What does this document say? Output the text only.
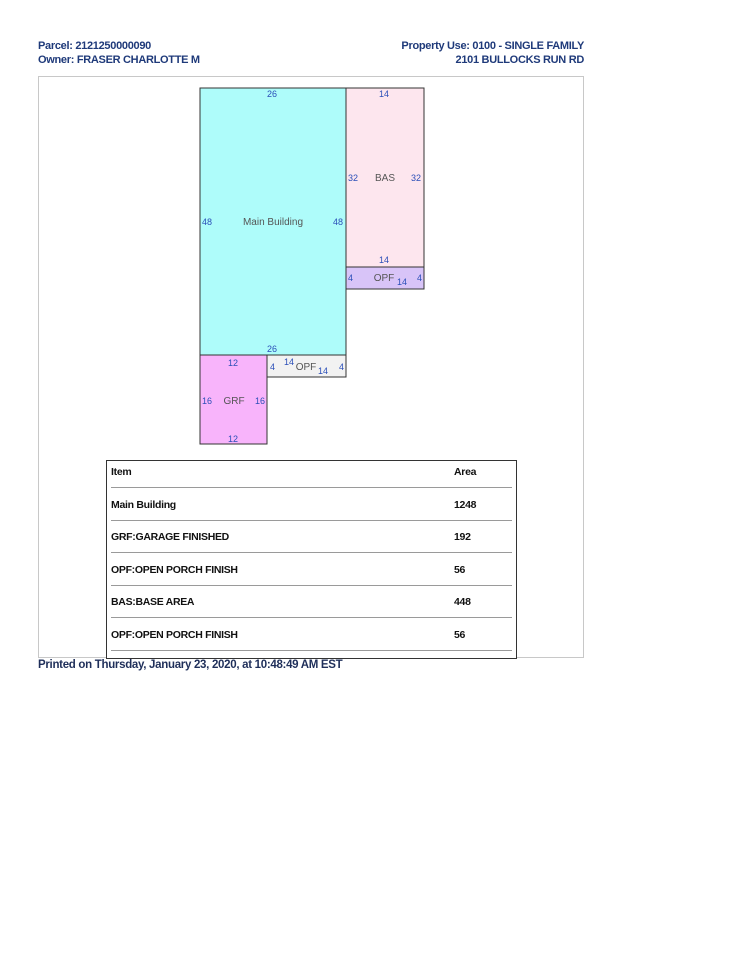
Parcel: 2121250000090
Owner: FRASER CHARLOTTE M
Property Use: 0100 - SINGLE FAMILY
2101 BULLOCKS RUN RD
Main Building
26
26
48	48
BAS
14
14
32	32
OPF 14
4	4
OPF
14
14
4	4
GRF
12
12
16	16
Item	Area
Main Building	1248
GRF:GARAGE FINISHED	192
OPF:OPEN PORCH FINISH	56
BAS:BASE AREA	448
OPF:OPEN PORCH FINISH	56
Printed on Thursday, January 23, 2020, at 10:48:49 AM EST
